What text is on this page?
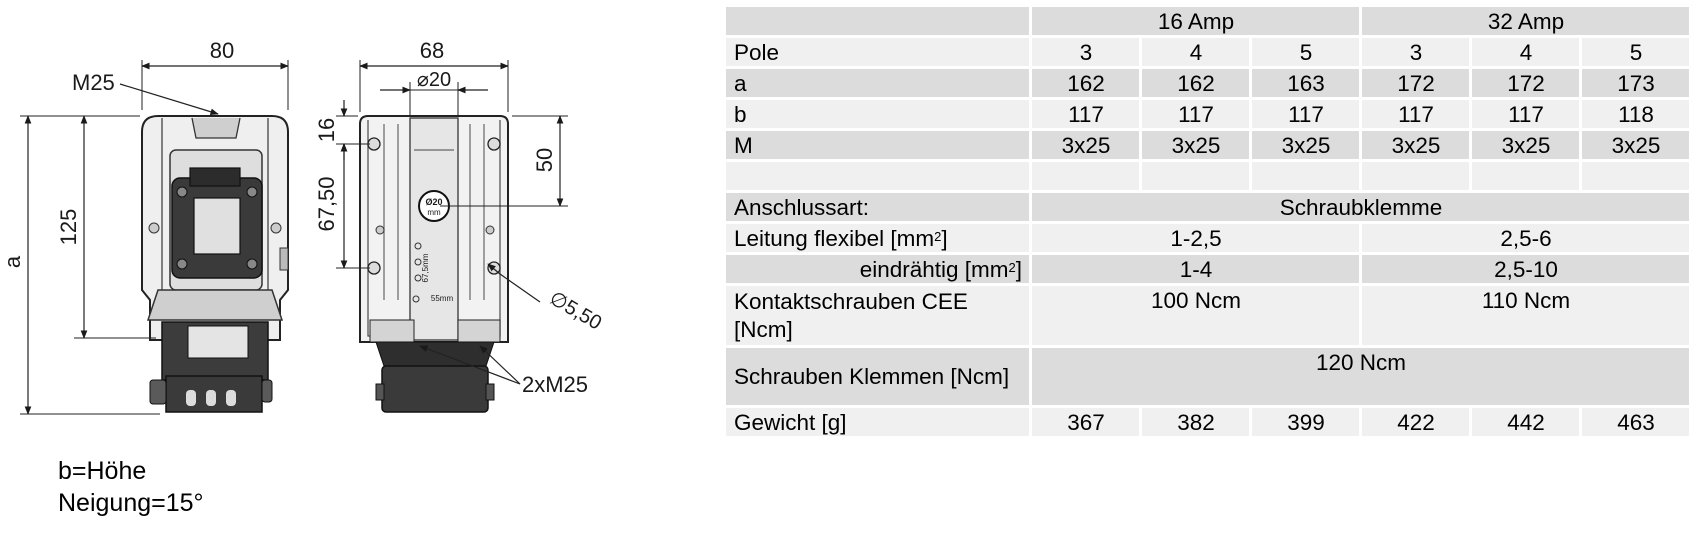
80
M25
125
a
Ø20
mm
67,5mm
55mm
68
⌀20
16
67,50
50
∅5,50
2xM25
b=Höhe
Neigung=15°
	16 Amp			32 Amp		
Pole	3	4	5	3	4	5
a	162	162	163	172	172	173
b	117	117	117	117	117	118
M	3x25	3x25	3x25	3x25	3x25	3x25

Anschlussart:	Schraubklemme					
Leitung flexibel $[mm^2]$	1-2,5			2,5-6		
eindrähtig $[mm^2]$	1-4			2,5-10		
Kontaktschrauben CEE [Ncm]	100 Ncm			110 Ncm		
Schrauben Klemmen [Ncm]	120 Ncm					
Gewicht [g]	367	382	399	422	442	463
